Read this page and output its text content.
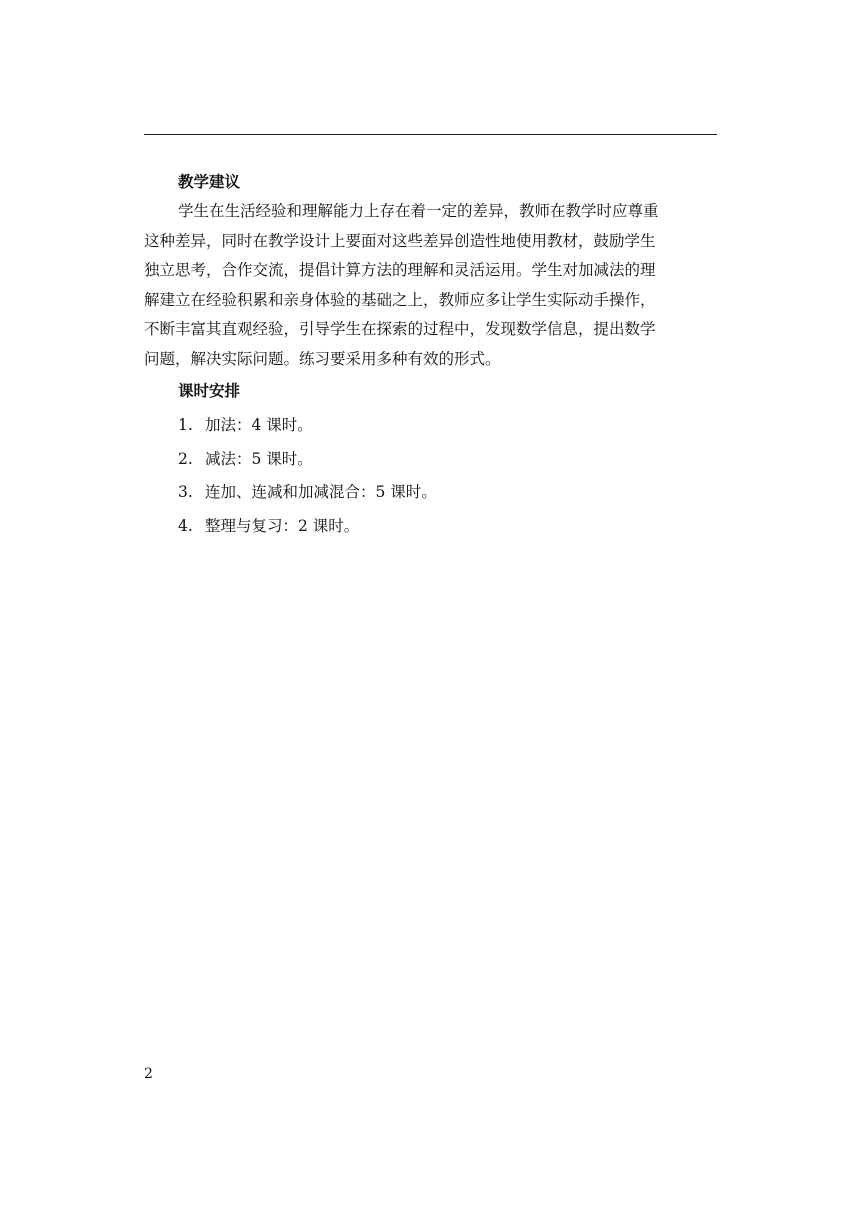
教学建议

学生在生活经验和理解能力上存在着一定的差异，教师在教学时应尊重

这种差异，同时在教学设计上要面对这些差异创造性地使用教材，鼓励学生

独立思考，合作交流，提倡计算方法的理解和灵活运用。学生对加减法的理

解建立在经验积累和亲身体验的基础之上，教师应多让学生实际动手操作，

不断丰富其直观经验，引导学生在探索的过程中，发现数学信息，提出数学

问题，解决实际问题。练习要采用多种有效的形式。

课时安排
1. 加法：4 课时。
2. 减法：5 课时。
3. 连加、连减和加减混合：5 课时。
4. 整理与复习：2 课时。
2
